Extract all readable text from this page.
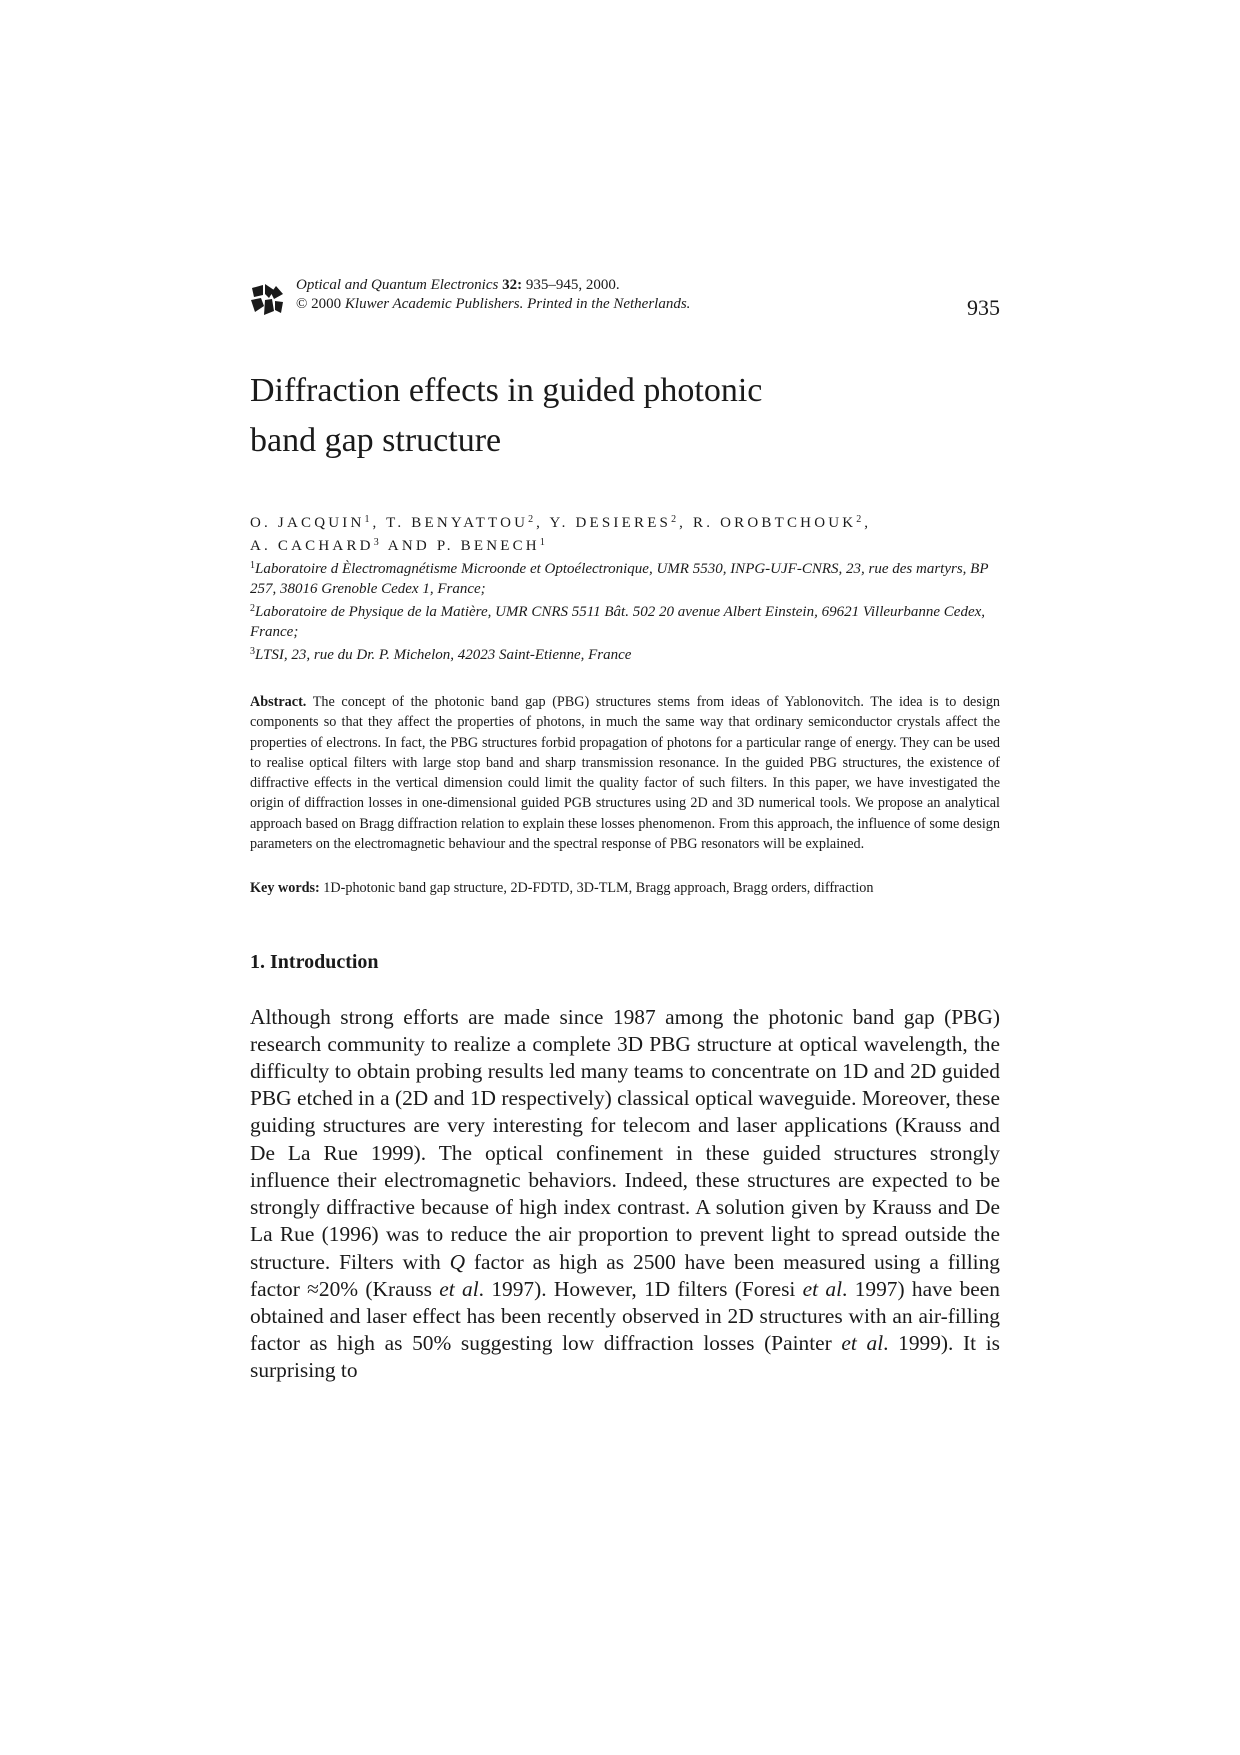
Optical and Quantum Electronics 32: 935–945, 2000.
© 2000 Kluwer Academic Publishers. Printed in the Netherlands.	935
Diffraction effects in guided photonic
band gap structure
O. JACQUIN$^1$ , T. BENYATTOU$^2$ , Y. DESIERES$^2$ , R. OROBTCHOUK$^2$ ,
A. CACHARD$^3$ AND P. BENECH$^1$
$^1$Laboratoire d Èlectromagnétisme Microonde et Optoélectronique, UMR 5530, INPG-UJF-CNRS, 23, rue des martyrs, BP 257, 38016 Grenoble Cedex 1, France;
$^2$Laboratoire de Physique de la Matière, UMR CNRS 5511 Bât. 502 20 avenue Albert Einstein, 69621 Villeurbanne Cedex, France;
$^3$LTSI, 23, rue du Dr. P. Michelon, 42023 Saint-Etienne, France

Abstract. The concept of the photonic band gap (PBG) structures stems from ideas of Yablonovitch. The idea is to design components so that they affect the properties of photons, in much the same way that ordinary semiconductor crystals affect the properties of electrons. In fact, the PBG structures forbid propagation of photons for a particular range of energy. They can be used to realise optical filters with large stop band and sharp transmission resonance. In the guided PBG structures, the existence of diffractive effects in the vertical dimension could limit the quality factor of such filters. In this paper, we have investigated the origin of diffraction losses in one-dimensional guided PGB structures using 2D and 3D numerical tools. We propose an analytical approach based on Bragg diffraction relation to explain these losses phenomenon. From this approach, the influence of some design parameters on the electromagnetic behaviour and the spectral response of PBG resonators will be explained.

Key words: 1D-photonic band gap structure, 2D-FDTD, 3D-TLM, Bragg approach, Bragg orders, diffraction

1. Introduction

Although strong efforts are made since 1987 among the photonic band gap (PBG) research community to realize a complete 3D PBG structure at optical wavelength, the difficulty to obtain probing results led many teams to concentrate on 1D and 2D guided PBG etched in a (2D and 1D respectively) classical optical waveguide. Moreover, these guiding structures are very interesting for telecom and laser applications (Krauss and De La Rue 1999). The optical confinement in these guided structures strongly influence their electromagnetic behaviors. Indeed, these structures are expected to be strongly diffractive because of high index contrast. A solution given by Krauss and De La Rue (1996) was to reduce the air proportion to prevent light to spread outside the structure. Filters with Q factor as high as 2500 have been measured using a filling factor ≈20% (Krauss et al. 1997). However, 1D filters (Foresi et al. 1997) have been obtained and laser effect has been recently observed in 2D structures with an air-filling factor as high as 50% suggesting low diffraction losses (Painter et al. 1999). It is surprising to
